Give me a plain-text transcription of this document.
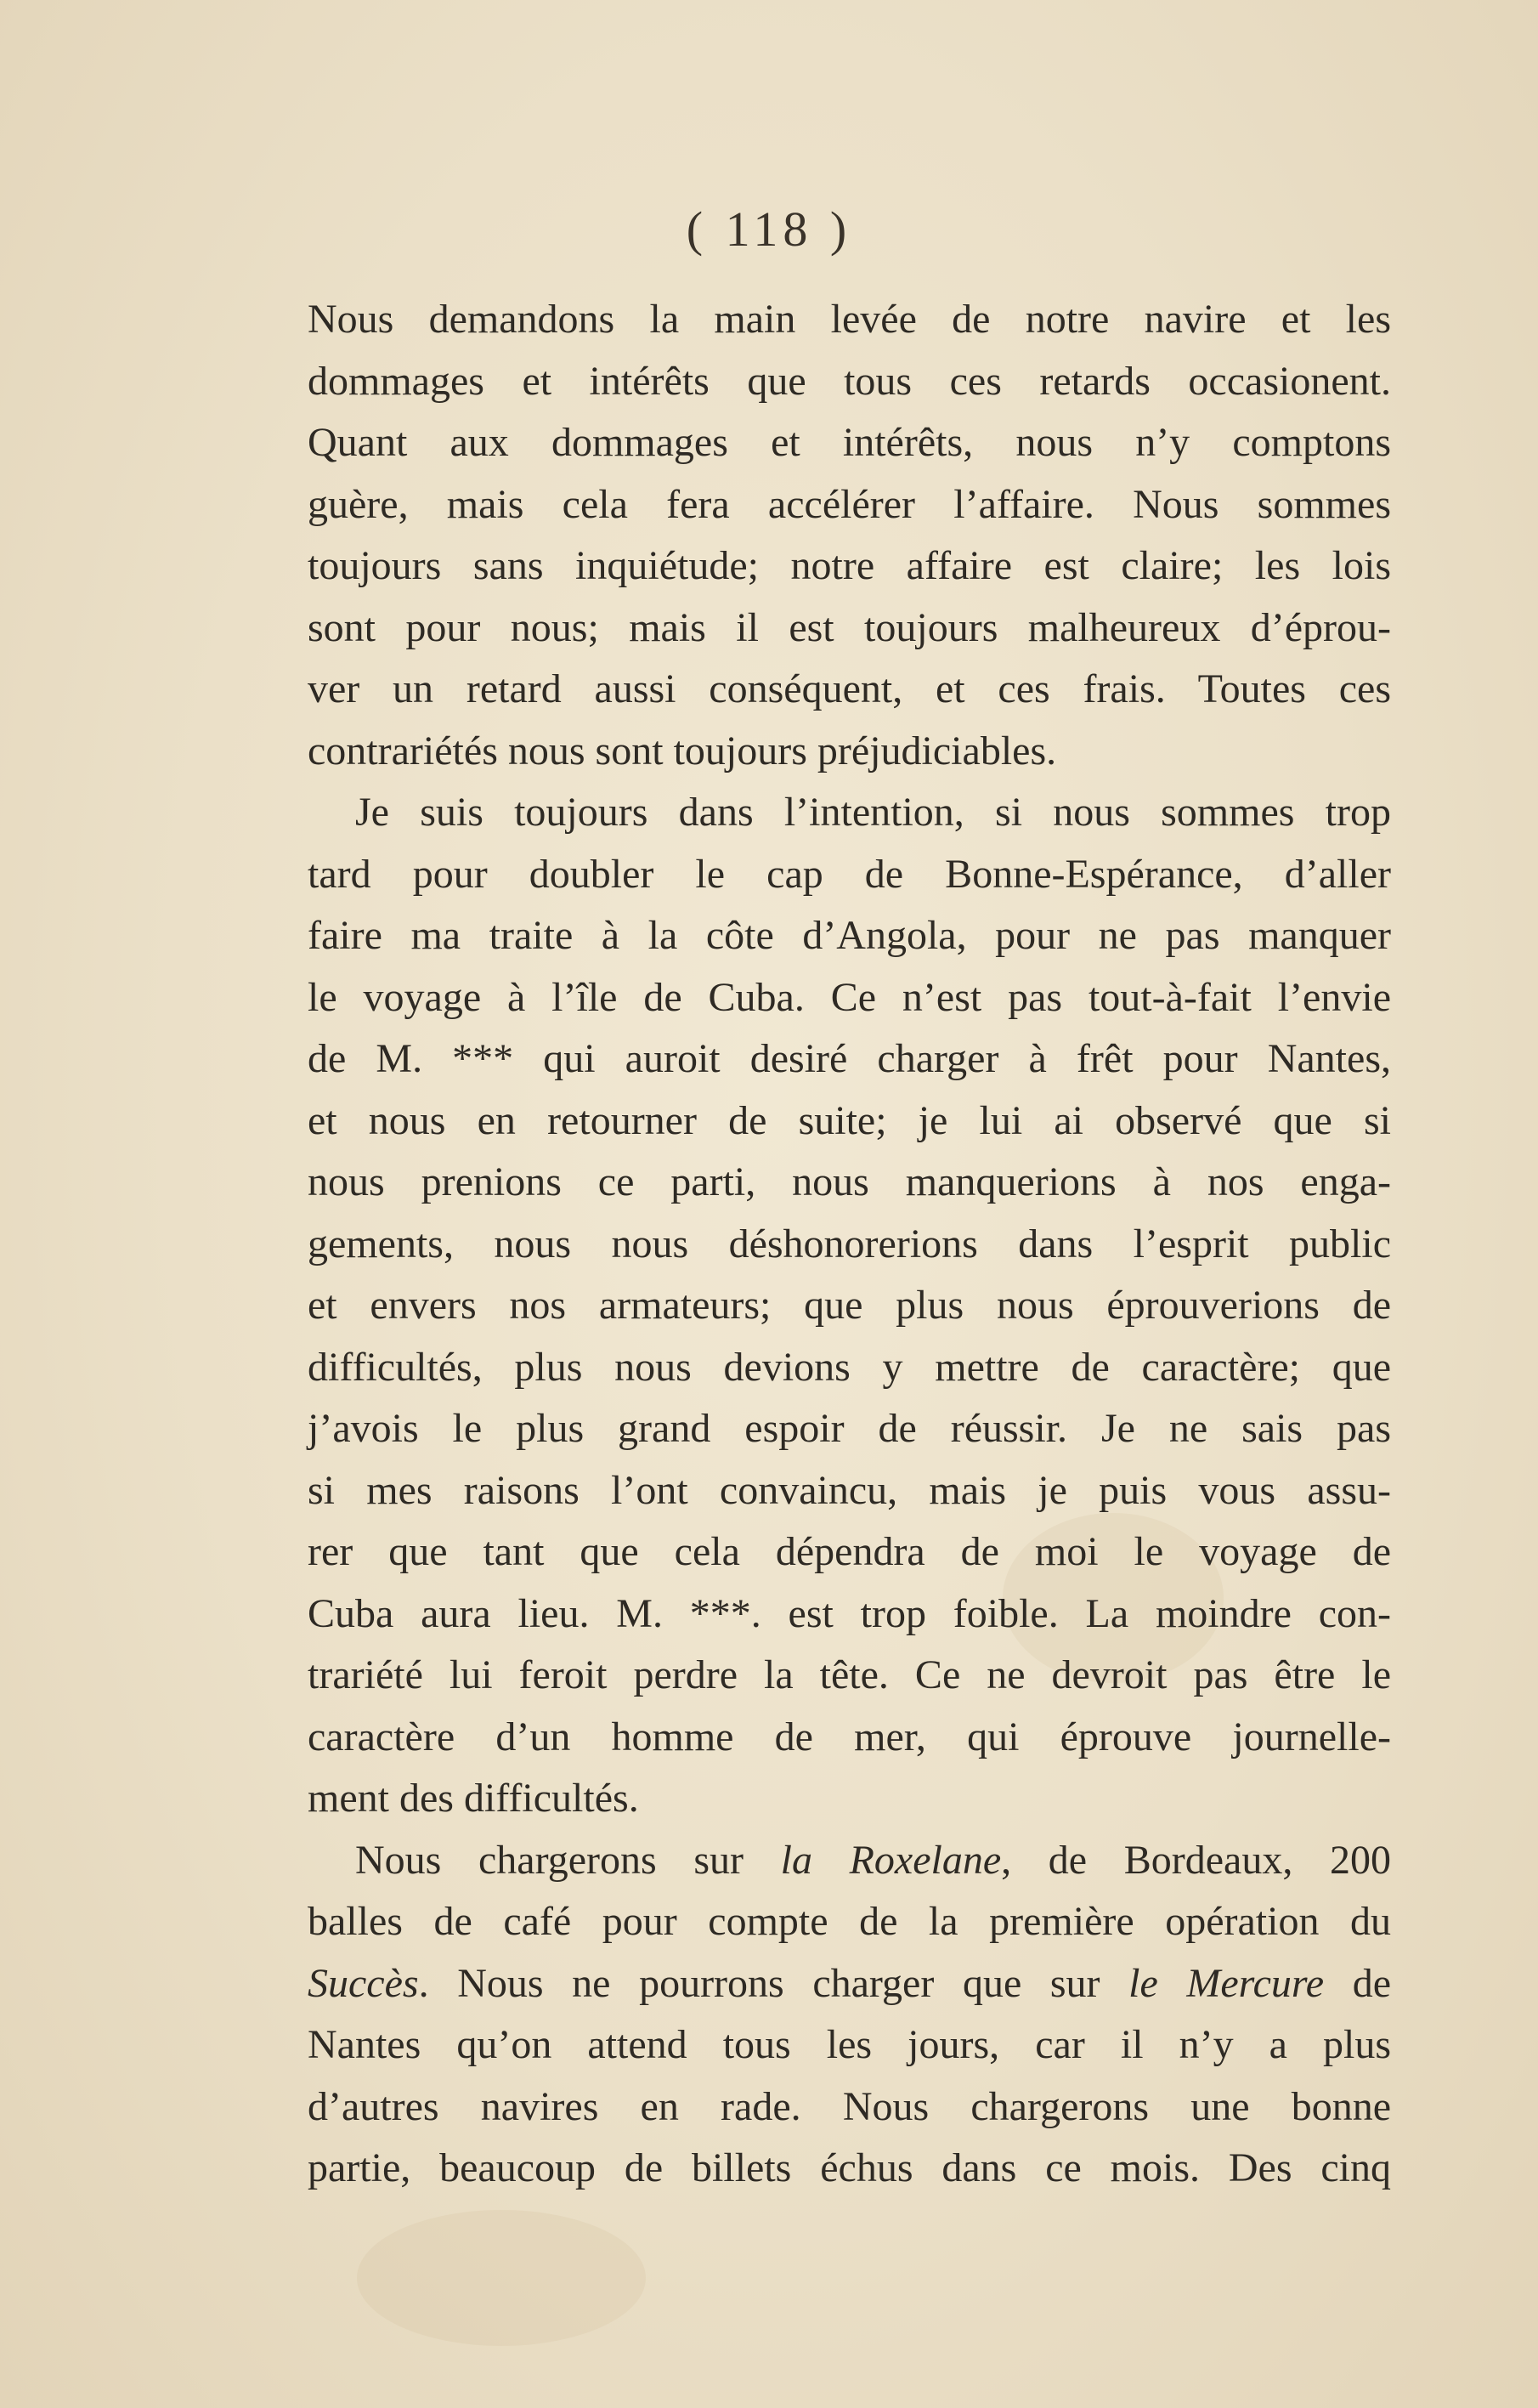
( 118 )
Nous demandons la main levée de notre navire et les
dommages et intérêts que tous ces retards occasionent.
Quant aux dommages et intérêts, nous n’y comptons
guère, mais cela fera accélérer l’affaire. Nous sommes
toujours sans inquiétude; notre affaire est claire; les lois
sont pour nous; mais il est toujours malheureux d’éprou-
ver un retard aussi conséquent, et ces frais. Toutes ces
contrariétés nous sont toujours préjudiciables.
Je suis toujours dans l’intention, si nous sommes trop
tard pour doubler le cap de Bonne-Espérance, d’aller
faire ma traite à la côte d’Angola, pour ne pas manquer
le voyage à l’île de Cuba. Ce n’est pas tout-à-fait l’envie
de M. *** qui auroit desiré charger à frêt pour Nantes,
et nous en retourner de suite; je lui ai observé que si
nous prenions ce parti, nous manquerions à nos enga-
gements, nous nous déshonorerions dans l’esprit public
et envers nos armateurs; que plus nous éprouverions de
difficultés, plus nous devions y mettre de caractère; que
j’avois le plus grand espoir de réussir. Je ne sais pas
si mes raisons l’ont convaincu, mais je puis vous assu-
rer que tant que cela dépendra de moi le voyage de
Cuba aura lieu. M. ***. est trop foible. La moindre con-
trariété lui feroit perdre la tête. Ce ne devroit pas être le
caractère d’un homme de mer, qui éprouve journelle-
ment des difficultés.
Nous chargerons sur la Roxelane, de Bordeaux, 200
balles de café pour compte de la première opération du
Succès. Nous ne pourrons charger que sur le Mercure de
Nantes qu’on attend tous les jours, car il n’y a plus
d’autres navires en rade. Nous chargerons une bonne
partie, beaucoup de billets échus dans ce mois. Des cinq
